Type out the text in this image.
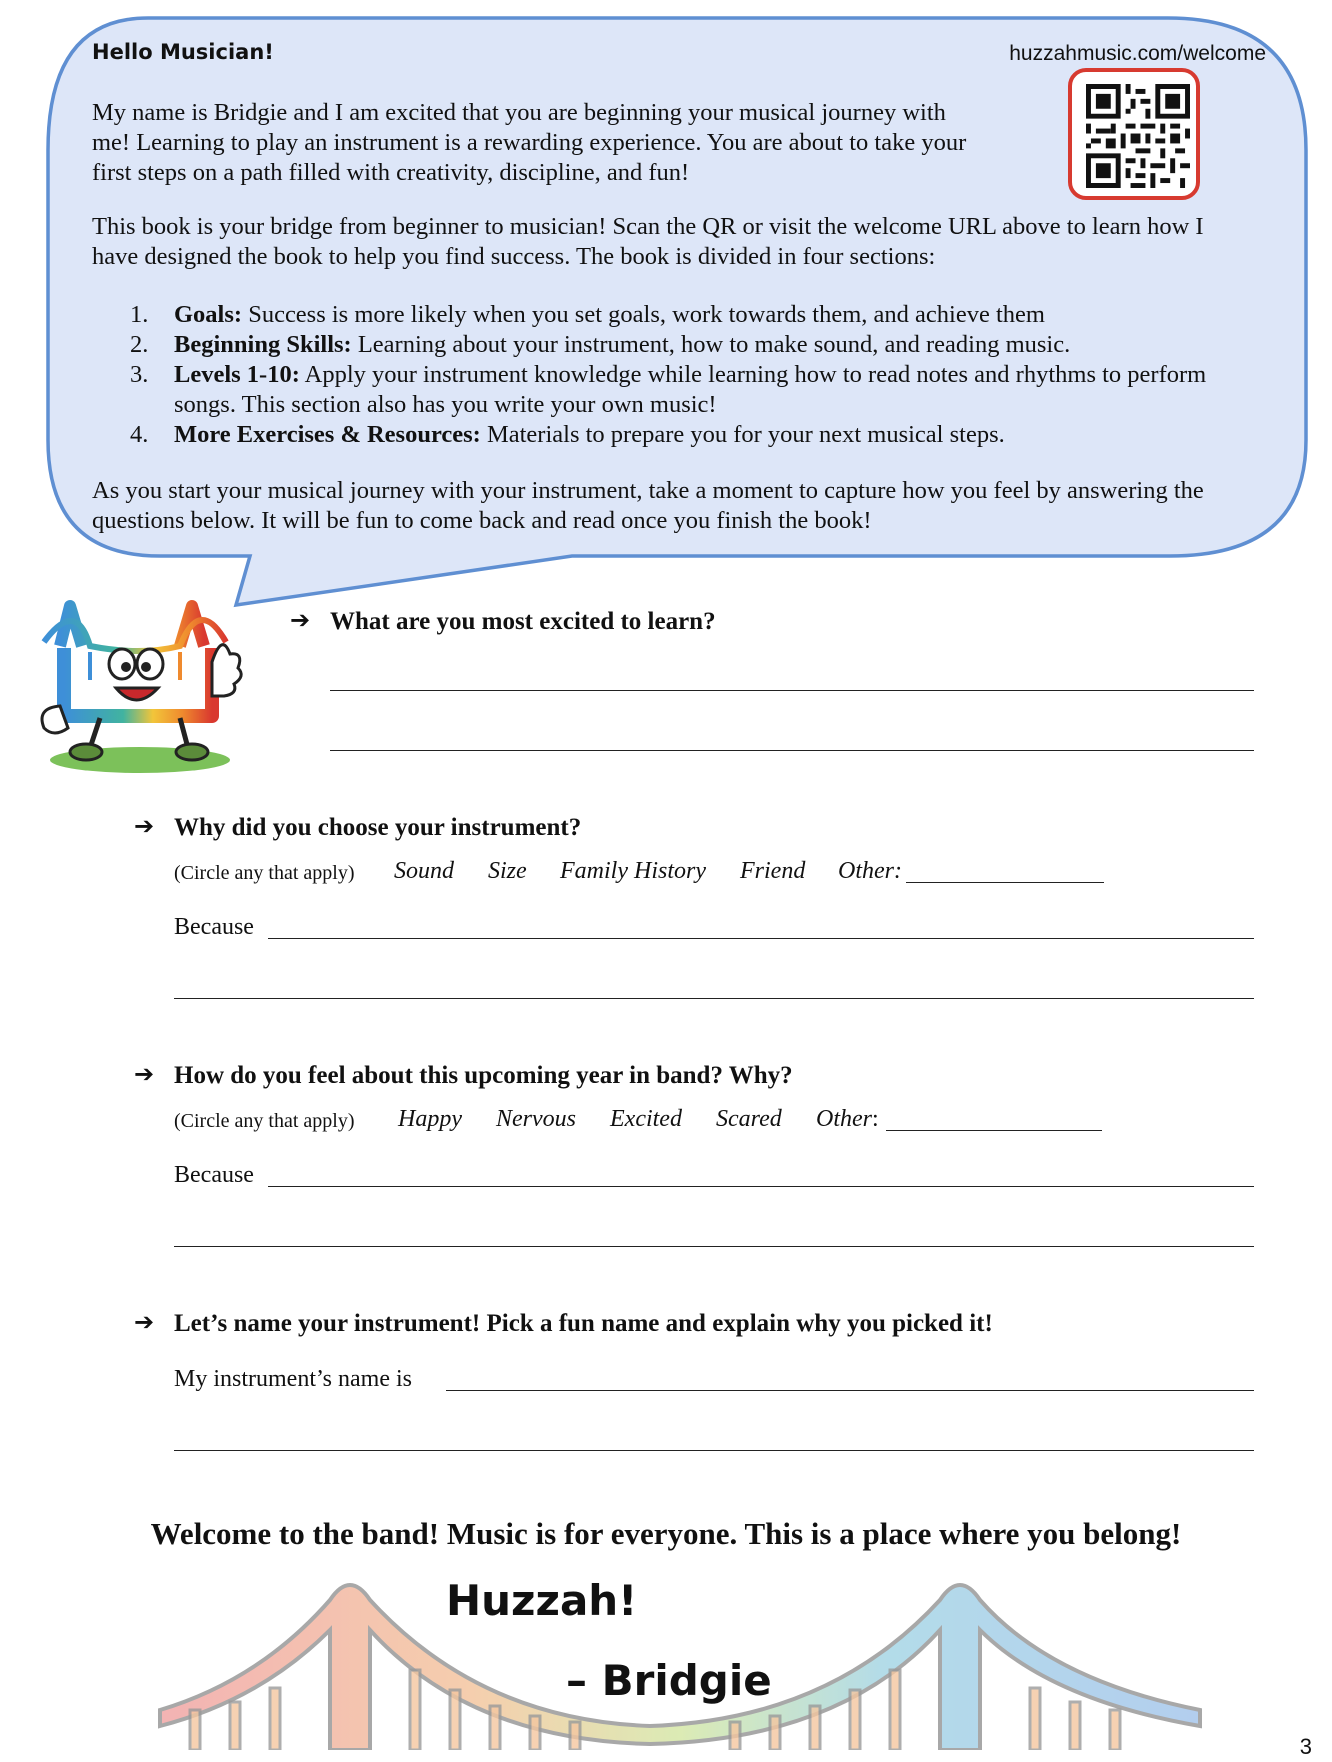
Hello Musician!	huzzahmusic.com/welcome

My name is Bridgie and I am excited that you are beginning your musical journey with me! Learning to play an instrument is a rewarding experience. You are about to take your first steps on a path filled with creativity, discipline, and fun!

This book is your bridge from beginner to musician! Scan the QR or visit the welcome URL above to learn how I have designed the book to help you find success. The book is divided in four sections:

1. Goals: Success is more likely when you set goals, work towards them, and achieve them
2. Beginning Skills: Learning about your instrument, how to make sound, and reading music.
3. Levels 1-10: Apply your instrument knowledge while learning how to read notes and rhythms to perform songs. This section also has you write your own music!
4. More Exercises & Resources: Materials to prepare you for your next musical steps.

As you start your musical journey with your instrument, take a moment to capture how you feel by answering the questions below. It will be fun to come back and read once you finish the book!

➔ What are you most excited to learn?
➔ Why did you choose your instrument?
(Circle any that apply) Sound Size Family History Friend Other:
Because
➔ How do you feel about this upcoming year in band? Why?
(Circle any that apply) Happy Nervous Excited Scared Other:
Because
➔ Let’s name your instrument! Pick a fun name and explain why you picked it!
My instrument’s name is
Welcome to the band! Music is for everyone. This is a place where you belong!
Huzzah!
– Bridgie
3
